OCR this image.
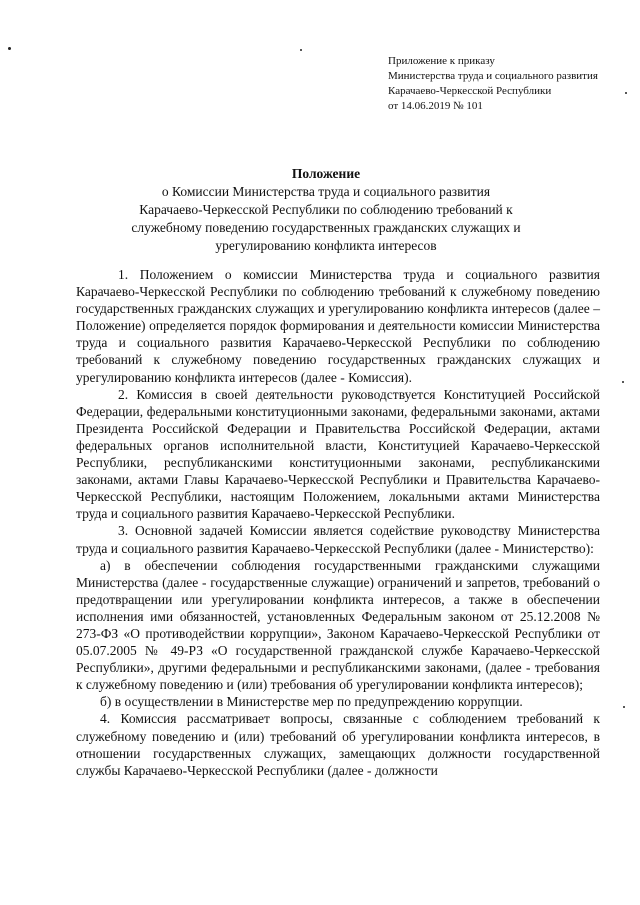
Приложение к приказу
Министерства труда и социального развития
Карачаево-Черкесской Республики
от 14.06.2019 № 101
Положение
о Комиссии Министерства труда и социального развития
Карачаево-Черкесской Республики по соблюдению требований к
служебному поведению государственных гражданских служащих и
урегулированию конфликта интересов

1. Положением о комиссии Министерства труда и социального развития Карачаево-Черкесской Республики по соблюдению требований к служебному поведению государственных гражданских служащих и урегулированию конфликта интересов (далее – Положение) определяется порядок формирования и деятельности комиссии Министерства труда и социального развития Карачаево-Черкесской Республики по соблюдению требований к служебному поведению государственных гражданских служащих и урегулированию конфликта интересов (далее - Комиссия).

2. Комиссия в своей деятельности руководствуется Конституцией Российской Федерации, федеральными конституционными законами, федеральными законами, актами Президента Российской Федерации и Правительства Российской Федерации, актами федеральных органов исполнительной власти, Конституцией Карачаево-Черкесской Республики, республиканскими конституционными законами, республиканскими законами, актами Главы Карачаево-Черкесской Республики и Правительства Карачаево-Черкесской Республики, настоящим Положением, локальными актами Министерства труда и социального развития Карачаево-Черкесской Республики.

3. Основной задачей Комиссии является содействие руководству Министерства труда и социального развития Карачаево-Черкесской Республики (далее - Министерство):

а) в обеспечении соблюдения государственными гражданскими служащими Министерства (далее - государственные служащие) ограничений и запретов, требований о предотвращении или урегулировании конфликта интересов, а также в обеспечении исполнения ими обязанностей, установленных Федеральным законом от 25.12.2008 № 273-ФЗ «О противодействии коррупции», Законом Карачаево-Черкесской Республики от 05.07.2005 № 49-РЗ «О государственной гражданской службе Карачаево-Черкесской Республики», другими федеральными и республиканскими законами, (далее - требования к служебному поведению и (или) требования об урегулировании конфликта интересов);

б) в осуществлении в Министерстве мер по предупреждению коррупции.

4. Комиссия рассматривает вопросы, связанные с соблюдением требований к служебному поведению и (или) требований об урегулировании конфликта интересов, в отношении государственных служащих, замещающих должности государственной службы Карачаево-Черкесской Республики (далее - должности
